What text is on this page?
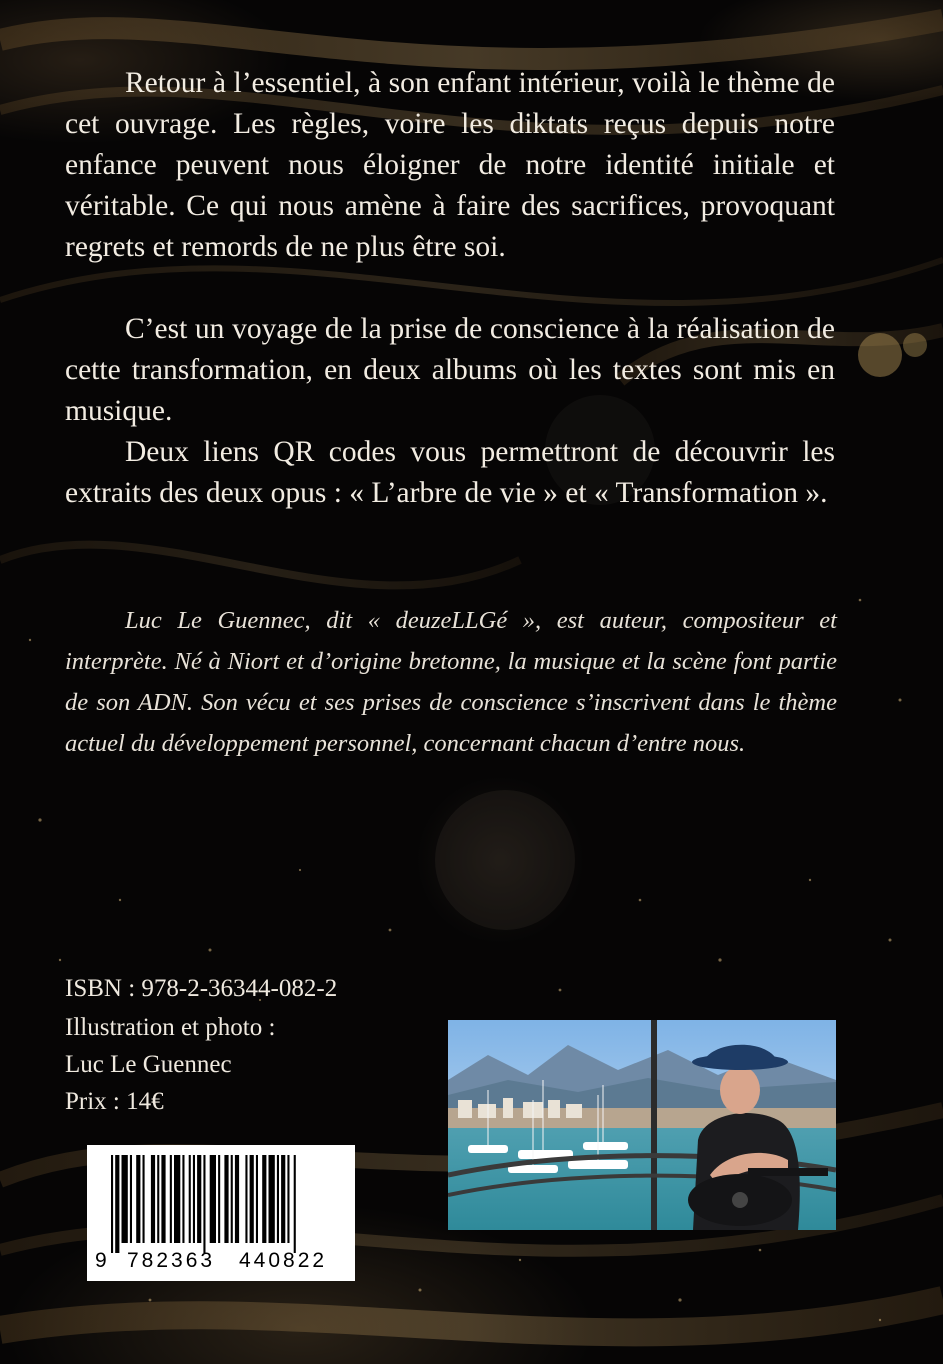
Retour à l’essentiel, à son enfant intérieur, voilà le thème de cet ouvrage. Les règles, voire les diktats reçus depuis notre enfance peuvent nous éloigner de notre identité initiale et véritable. Ce qui nous amène à faire des sacrifices, provoquant regrets et remords de ne plus être soi.

C’est un voyage de la prise de conscience à la réalisation de cette transformation, en deux albums où les textes sont mis en musique.

Deux liens QR codes vous permettront de découvrir les extraits des deux opus : « L’arbre de vie » et « Transformation ».

Luc Le Guennec, dit « deuzeLLGé », est auteur, compositeur et interprète. Né à Niort et d’origine bretonne, la musique et la scène font partie de son ADN. Son vécu et ses prises de conscience s’inscrivent dans le thème actuel du développement personnel, concernant chacun d’entre nous.

ISBN : 978-2-36344-082-2

Illustration et photo :

Luc Le Guennec

Prix : 14€

9 782363 440822
